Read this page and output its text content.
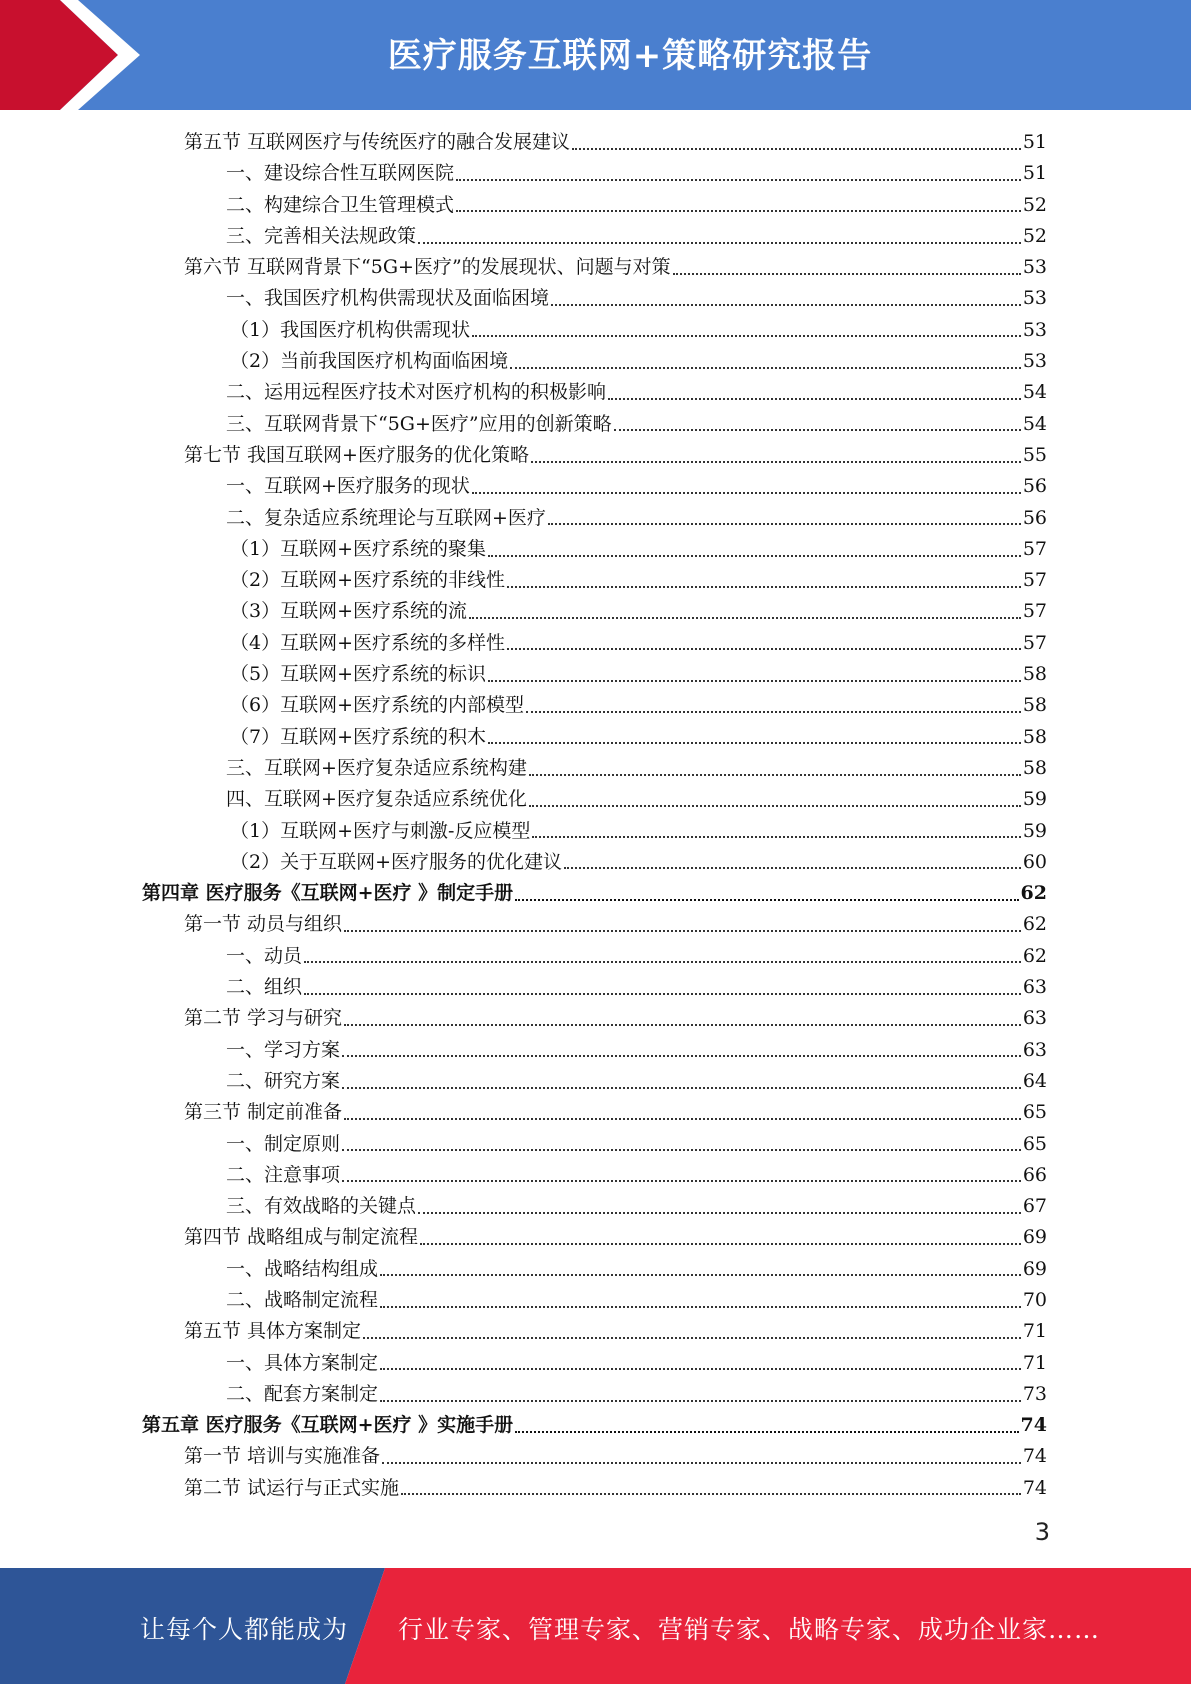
医疗服务互联网+策略研究报告
第五节 互联网医疗与传统医疗的融合发展建议	51
一、建设综合性互联网医院	51
二、构建综合卫生管理模式	52
三、完善相关法规政策	52
第六节 互联网背景下“5G+医疗”的发展现状、问题与对策	53
一、我国医疗机构供需现状及面临困境	53
（1）我国医疗机构供需现状	53
（2）当前我国医疗机构面临困境	53
二、运用远程医疗技术对医疗机构的积极影响	54
三、互联网背景下“5G+医疗”应用的创新策略	54
第七节 我国互联网+医疗服务的优化策略	55
一、互联网+医疗服务的现状	56
二、复杂适应系统理论与互联网+医疗	56
（1）互联网+医疗系统的聚集	57
（2）互联网+医疗系统的非线性	57
（3）互联网+医疗系统的流	57
（4）互联网+医疗系统的多样性	57
（5）互联网+医疗系统的标识	58
（6）互联网+医疗系统的内部模型	58
（7）互联网+医疗系统的积木	58
三、互联网+医疗复杂适应系统构建	58
四、互联网+医疗复杂适应系统优化	59
（1）互联网+医疗与刺激-反应模型	59
（2）关于互联网+医疗服务的优化建议	60
第四章 医疗服务《互联网+医疗 》制定手册	62
第一节 动员与组织	62
一、动员	62
二、组织	63
第二节 学习与研究	63
一、学习方案	63
二、研究方案	64
第三节 制定前准备	65
一、制定原则	65
二、注意事项	66
三、有效战略的关键点	67
第四节 战略组成与制定流程	69
一、战略结构组成	69
二、战略制定流程	70
第五节 具体方案制定	71
一、具体方案制定	71
二、配套方案制定	73
第五章 医疗服务《互联网+医疗 》实施手册	74
第一节 培训与实施准备	74
第二节 试运行与正式实施	74
3
让每个人都能成为 行业专家、管理专家、营销专家、战略专家、成功企业家……
